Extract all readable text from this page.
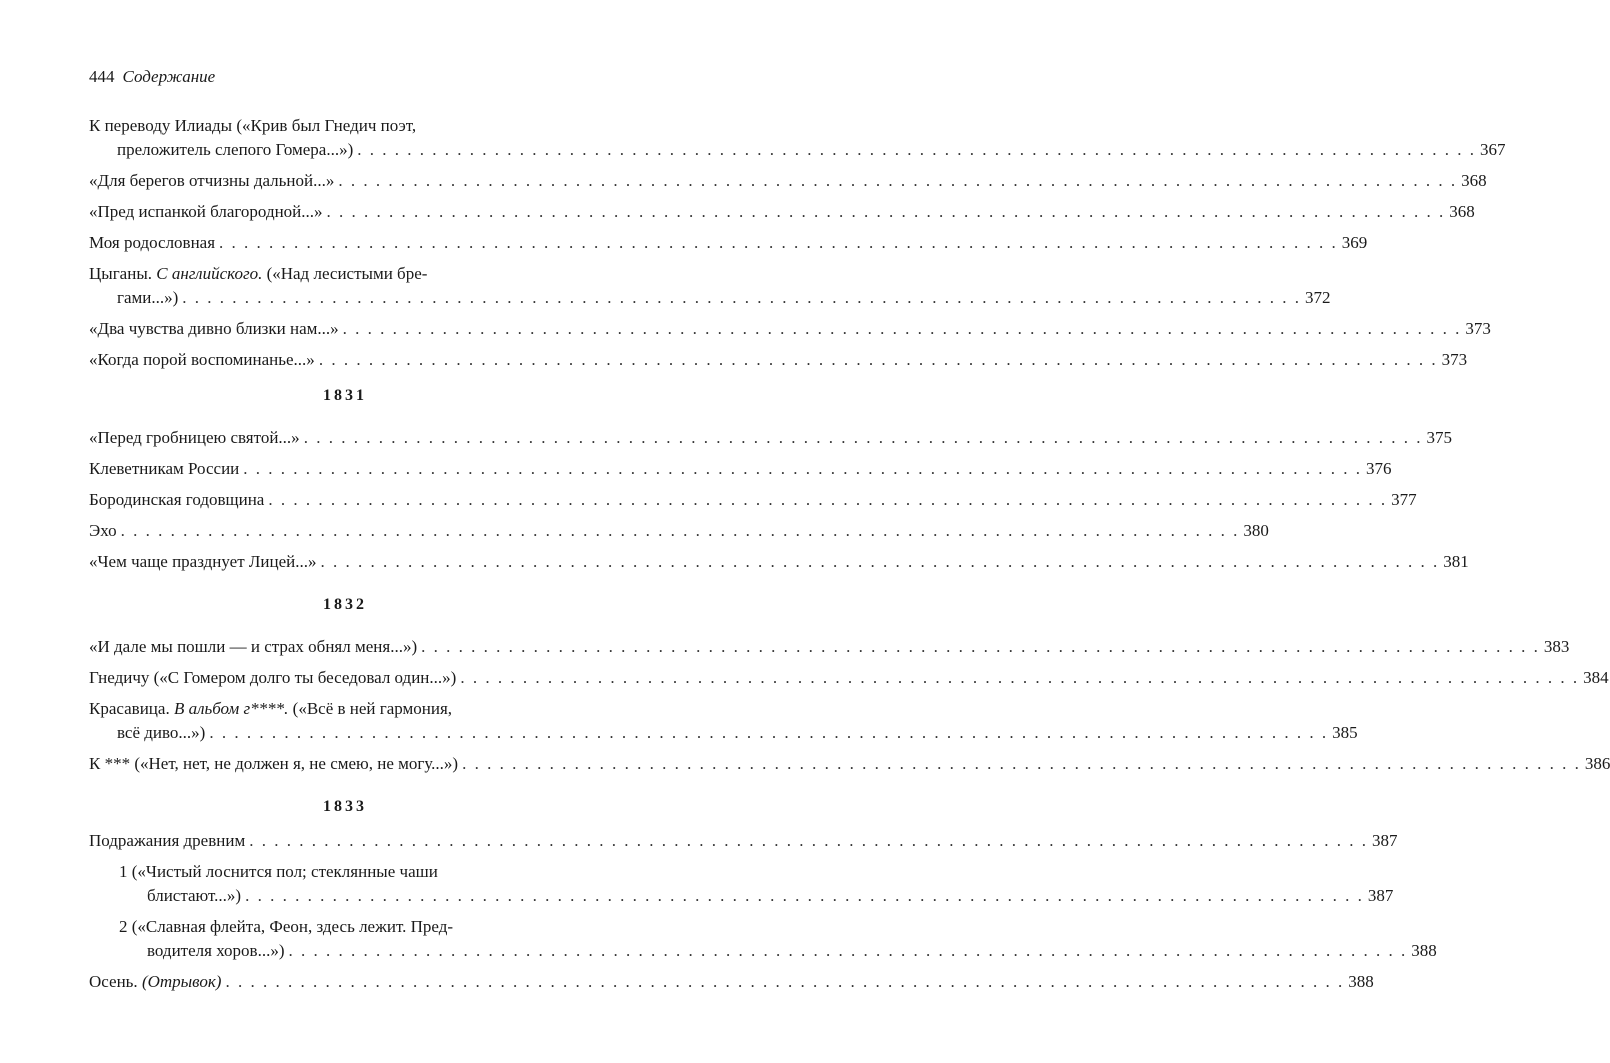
444 Содержание
К переводу Илиады («Крив был Гнедич поэт,
преложитель слепого Гомера...») . . . . . . . . . . . . . . . . . . . . . . . . . . . . . . . . . . . . . . . . . . . . . . . . . . . . . . . . . . . . . . . . . . . . . . . . . . . . . . . . . . . . . . . . . . 367
«Для берегов отчизны дальной...» . . . . . . . . . . . . . . . . . . . . . . . . . . . . . . . . . . . . . . . . . . . . . . . . . . . . . . . . . . . . . . . . . . . . . . . . . . . . . . . . . . . . . . . . . . 368
«Пред испанкой благородной...» . . . . . . . . . . . . . . . . . . . . . . . . . . . . . . . . . . . . . . . . . . . . . . . . . . . . . . . . . . . . . . . . . . . . . . . . . . . . . . . . . . . . . . . . . . 368
Моя родословная . . . . . . . . . . . . . . . . . . . . . . . . . . . . . . . . . . . . . . . . . . . . . . . . . . . . . . . . . . . . . . . . . . . . . . . . . . . . . . . . . . . . . . . . . . 369
Цыганы. С английского. («Над лесистыми бре-
гами...») . . . . . . . . . . . . . . . . . . . . . . . . . . . . . . . . . . . . . . . . . . . . . . . . . . . . . . . . . . . . . . . . . . . . . . . . . . . . . . . . . . . . . . . . . . 372
«Два чувства дивно близки нам...» . . . . . . . . . . . . . . . . . . . . . . . . . . . . . . . . . . . . . . . . . . . . . . . . . . . . . . . . . . . . . . . . . . . . . . . . . . . . . . . . . . . . . . . . . . 373
«Когда порой воспоминанье...» . . . . . . . . . . . . . . . . . . . . . . . . . . . . . . . . . . . . . . . . . . . . . . . . . . . . . . . . . . . . . . . . . . . . . . . . . . . . . . . . . . . . . . . . . . 373
1831
«Перед гробницею святой...» . . . . . . . . . . . . . . . . . . . . . . . . . . . . . . . . . . . . . . . . . . . . . . . . . . . . . . . . . . . . . . . . . . . . . . . . . . . . . . . . . . . . . . . . . . 375
Клеветникам России . . . . . . . . . . . . . . . . . . . . . . . . . . . . . . . . . . . . . . . . . . . . . . . . . . . . . . . . . . . . . . . . . . . . . . . . . . . . . . . . . . . . . . . . . . 376
Бородинская годовщина . . . . . . . . . . . . . . . . . . . . . . . . . . . . . . . . . . . . . . . . . . . . . . . . . . . . . . . . . . . . . . . . . . . . . . . . . . . . . . . . . . . . . . . . . . 377
Эхо . . . . . . . . . . . . . . . . . . . . . . . . . . . . . . . . . . . . . . . . . . . . . . . . . . . . . . . . . . . . . . . . . . . . . . . . . . . . . . . . . . . . . . . . . . 380
«Чем чаще празднует Лицей...» . . . . . . . . . . . . . . . . . . . . . . . . . . . . . . . . . . . . . . . . . . . . . . . . . . . . . . . . . . . . . . . . . . . . . . . . . . . . . . . . . . . . . . . . . . 381
1832
«И дале мы пошли — и страх обнял меня...») . . . . . . . . . . . . . . . . . . . . . . . . . . . . . . . . . . . . . . . . . . . . . . . . . . . . . . . . . . . . . . . . . . . . . . . . . . . . . . . . . . . . . . . . . . 383
Гнедичу («С Гомером долго ты беседовал один...») . . . . . . . . . . . . . . . . . . . . . . . . . . . . . . . . . . . . . . . . . . . . . . . . . . . . . . . . . . . . . . . . . . . . . . . . . . . . . . . . . . . . . . . . . . 384
Красавица. В альбом г****. («Всё в ней гармония,
всё диво...») . . . . . . . . . . . . . . . . . . . . . . . . . . . . . . . . . . . . . . . . . . . . . . . . . . . . . . . . . . . . . . . . . . . . . . . . . . . . . . . . . . . . . . . . . . 385
К *** («Нет, нет, не должен я, не смею, не могу...») . . . . . . . . . . . . . . . . . . . . . . . . . . . . . . . . . . . . . . . . . . . . . . . . . . . . . . . . . . . . . . . . . . . . . . . . . . . . . . . . . . . . . . . . . . 386
1833
Подражания древним . . . . . . . . . . . . . . . . . . . . . . . . . . . . . . . . . . . . . . . . . . . . . . . . . . . . . . . . . . . . . . . . . . . . . . . . . . . . . . . . . . . . . . . . . . 387
1 («Чистый лоснится пол; стеклянные чаши
блистают...») . . . . . . . . . . . . . . . . . . . . . . . . . . . . . . . . . . . . . . . . . . . . . . . . . . . . . . . . . . . . . . . . . . . . . . . . . . . . . . . . . . . . . . . . . . 387
2 («Славная флейта, Феон, здесь лежит. Пред-
водителя хоров...») . . . . . . . . . . . . . . . . . . . . . . . . . . . . . . . . . . . . . . . . . . . . . . . . . . . . . . . . . . . . . . . . . . . . . . . . . . . . . . . . . . . . . . . . . . 388
Осень. (Отрывок) . . . . . . . . . . . . . . . . . . . . . . . . . . . . . . . . . . . . . . . . . . . . . . . . . . . . . . . . . . . . . . . . . . . . . . . . . . . . . . . . . . . . . . . . . . 388
